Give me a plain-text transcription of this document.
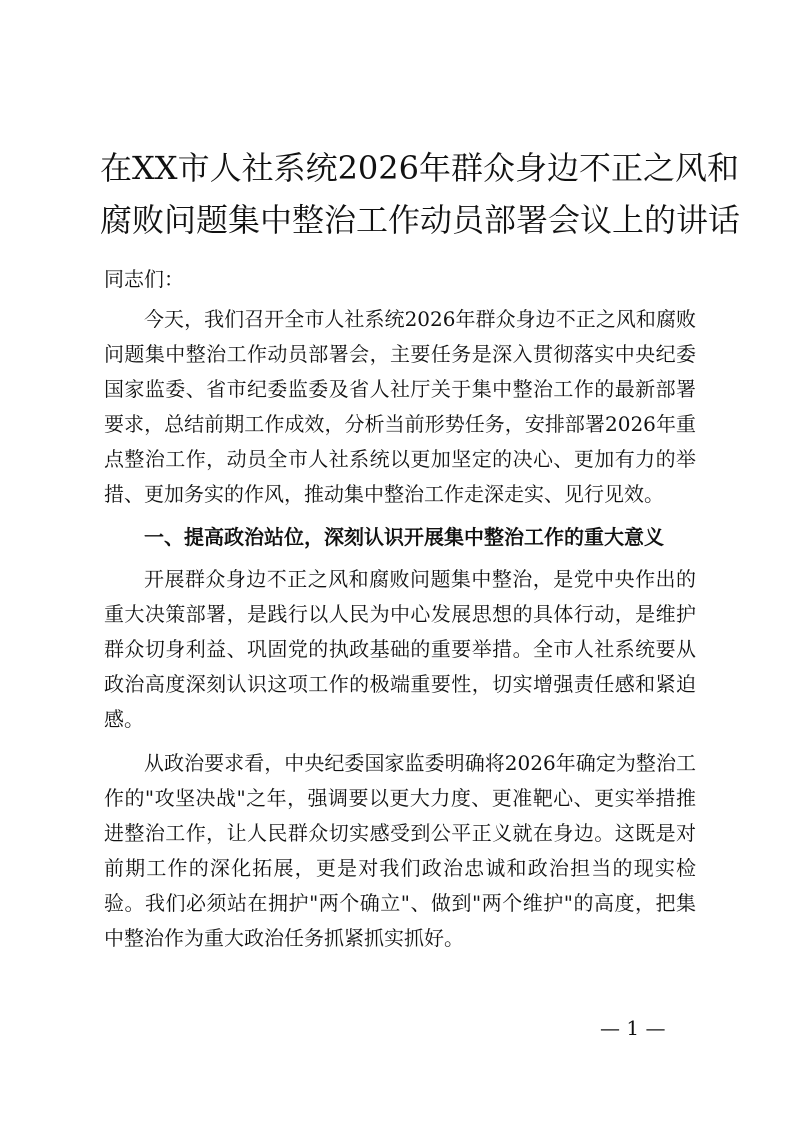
在XX市人社系统2026年群众身边不正之风和
腐败问题集中整治工作动员部署会议上的讲话
同志们：
今天，我们召开全市人社系统2026年群众身边不正之风和腐败问题集中整治工作动员部署会，主要任务是深入贯彻落实中央纪委国家监委、省市纪委监委及省人社厅关于集中整治工作的最新部署要求，总结前期工作成效，分析当前形势任务，安排部署2026年重点整治工作，动员全市人社系统以更加坚定的决心、更加有力的举措、更加务实的作风，推动集中整治工作走深走实、见行见效。
一、提高政治站位，深刻认识开展集中整治工作的重大意义
开展群众身边不正之风和腐败问题集中整治，是党中央作出的重大决策部署，是践行以人民为中心发展思想的具体行动，是维护群众切身利益、巩固党的执政基础的重要举措。全市人社系统要从政治高度深刻认识这项工作的极端重要性，切实增强责任感和紧迫感。
从政治要求看，中央纪委国家监委明确将2026年确定为整治工作的"攻坚决战"之年，强调要以更大力度、更准靶心、更实举措推进整治工作，让人民群众切实感受到公平正义就在身边。这既是对前期工作的深化拓展，更是对我们政治忠诚和政治担当的现实检验。我们必须站在拥护"两个确立"、做到"两个维护"的高度，把集中整治作为重大政治任务抓紧抓实抓好。
— 1 —
